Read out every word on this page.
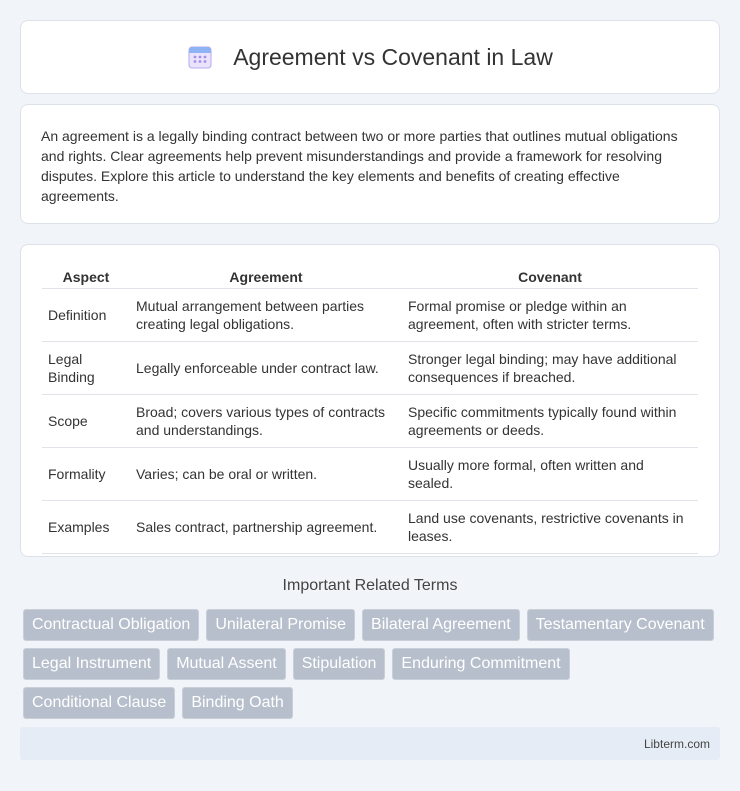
Agreement vs Covenant in Law

An agreement is a legally binding contract between two or more parties that outlines mutual obligations and rights. Clear agreements help prevent misunderstandings and provide a framework for resolving disputes. Explore this article to understand the key elements and benefits of creating effective agreements.

Aspect	Agreement	Covenant
Definition	Mutual arrangement between parties creating legal obligations.	Formal promise or pledge within an agreement, often with stricter terms.
Legal Binding	Legally enforceable under contract law.	Stronger legal binding; may have additional consequences if breached.
Scope	Broad; covers various types of contracts and understandings.	Specific commitments typically found within agreements or deeds.
Formality	Varies; can be oral or written.	Usually more formal, often written and sealed.
Examples	Sales contract, partnership agreement.	Land use covenants, restrictive covenants in leases.
Important Related Terms
Contractual Obligation	Unilateral Promise	Bilateral Agreement	Testamentary Covenant
Legal Instrument	Mutual Assent	Stipulation	Enduring Commitment
Conditional Clause	Binding Oath
Libterm.com
